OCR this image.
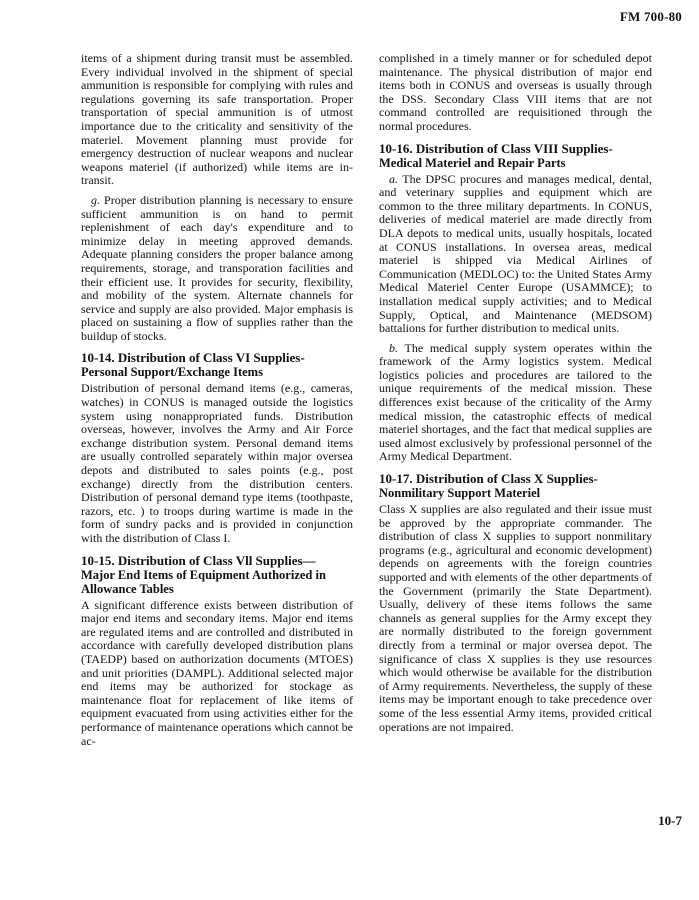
FM 700-80

items of a shipment during transit must be assembled. Every individual involved in the shipment of special ammunition is responsible for complying with rules and regulations governing its safe transportation. Proper transportation of special ammunition is of utmost importance due to the criticality and sensitivity of the materiel. Movement planning must provide for emergency destruction of nuclear weapons and nuclear weapons materiel (if authorized) while items are in-transit.

g. Proper distribution planning is necessary to ensure sufficient ammunition is on hand to permit replenishment of each day's expenditure and to minimize delay in meeting approved demands. Adequate planning considers the proper balance among requirements, storage, and transporation facilities and their efficient use. It provides for security, flexibility, and mobility of the system. Alternate channels for service and supply are also provided. Major emphasis is placed on sustaining a flow of supplies rather than the buildup of stocks.

10-14. Distribution of Class VI Supplies-
Personal Support/Exchange Items

Distribution of personal demand items (e.g., cameras, watches) in CONUS is managed outside the logistics system using nonappropriated funds. Distribution overseas, however, involves the Army and Air Force exchange distribution system. Personal demand items are usually controlled separately within major oversea depots and distributed to sales points (e.g., post exchange) directly from the distribution centers. Distribution of personal demand type items (toothpaste, razors, etc. ) to troops during wartime is made in the form of sundry packs and is provided in conjunction with the distribution of Class I.

10-15. Distribution of Class Vll Supplies—
Major End Items of Equipment Authorized in Allowance Tables

A significant difference exists between distribution of major end items and secondary items. Major end items are regulated items and are controlled and distributed in accordance with carefully developed distribution plans (TAEDP) based on authorization documents (MTOES) and unit priorities (DAMPL). Additional selected major end items may be authorized for stockage as maintenance float for replacement of like items of equipment evacuated from using activities either for the performance of maintenance operations which cannot be ac-

complished in a timely manner or for scheduled depot maintenance. The physical distribution of major end items both in CONUS and overseas is usually through the DSS. Secondary Class VIII items that are not command controlled are requisitioned through the normal procedures.

10-16. Distribution of Class VIII Supplies-
Medical Materiel and Repair Parts

a. The DPSC procures and manages medical, dental, and veterinary supplies and equipment which are common to the three military departments. In CONUS, deliveries of medical materiel are made directly from DLA depots to medical units, usually hospitals, located at CONUS installations. In oversea areas, medical materiel is shipped via Medical Airlines of Communication (MEDLOC) to: the United States Army Medical Materiel Center Europe (USAMMCE); to installation medical supply activities; and to Medical Supply, Optical, and Maintenance (MEDSOM) battalions for further distribution to medical units.

b. The medical supply system operates within the framework of the Army logistics system. Medical logistics policies and procedures are tailored to the unique requirements of the medical mission. These differences exist because of the criticality of the Army medical mission, the catastrophic effects of medical materiel shortages, and the fact that medical supplies are used almost exclusively by professional personnel of the Army Medical Department.

10-17. Distribution of Class X Supplies-
Nonmilitary Support Materiel

Class X supplies are also regulated and their issue must be approved by the appropriate commander. The distribution of class X supplies to support nonmilitary programs (e.g., agricultural and economic development) depends on agreements with the foreign countries supported and with elements of the other departments of the Government (primarily the State Department). Usually, delivery of these items follows the same channels as general supplies for the Army except they are normally distributed to the foreign government directly from a terminal or major oversea depot. The significance of class X supplies is they use resources which would otherwise be available for the distribution of Army requirements. Nevertheless, the supply of these items may be important enough to take precedence over some of the less essential Army items, provided critical operations are not impaired.

10-7
